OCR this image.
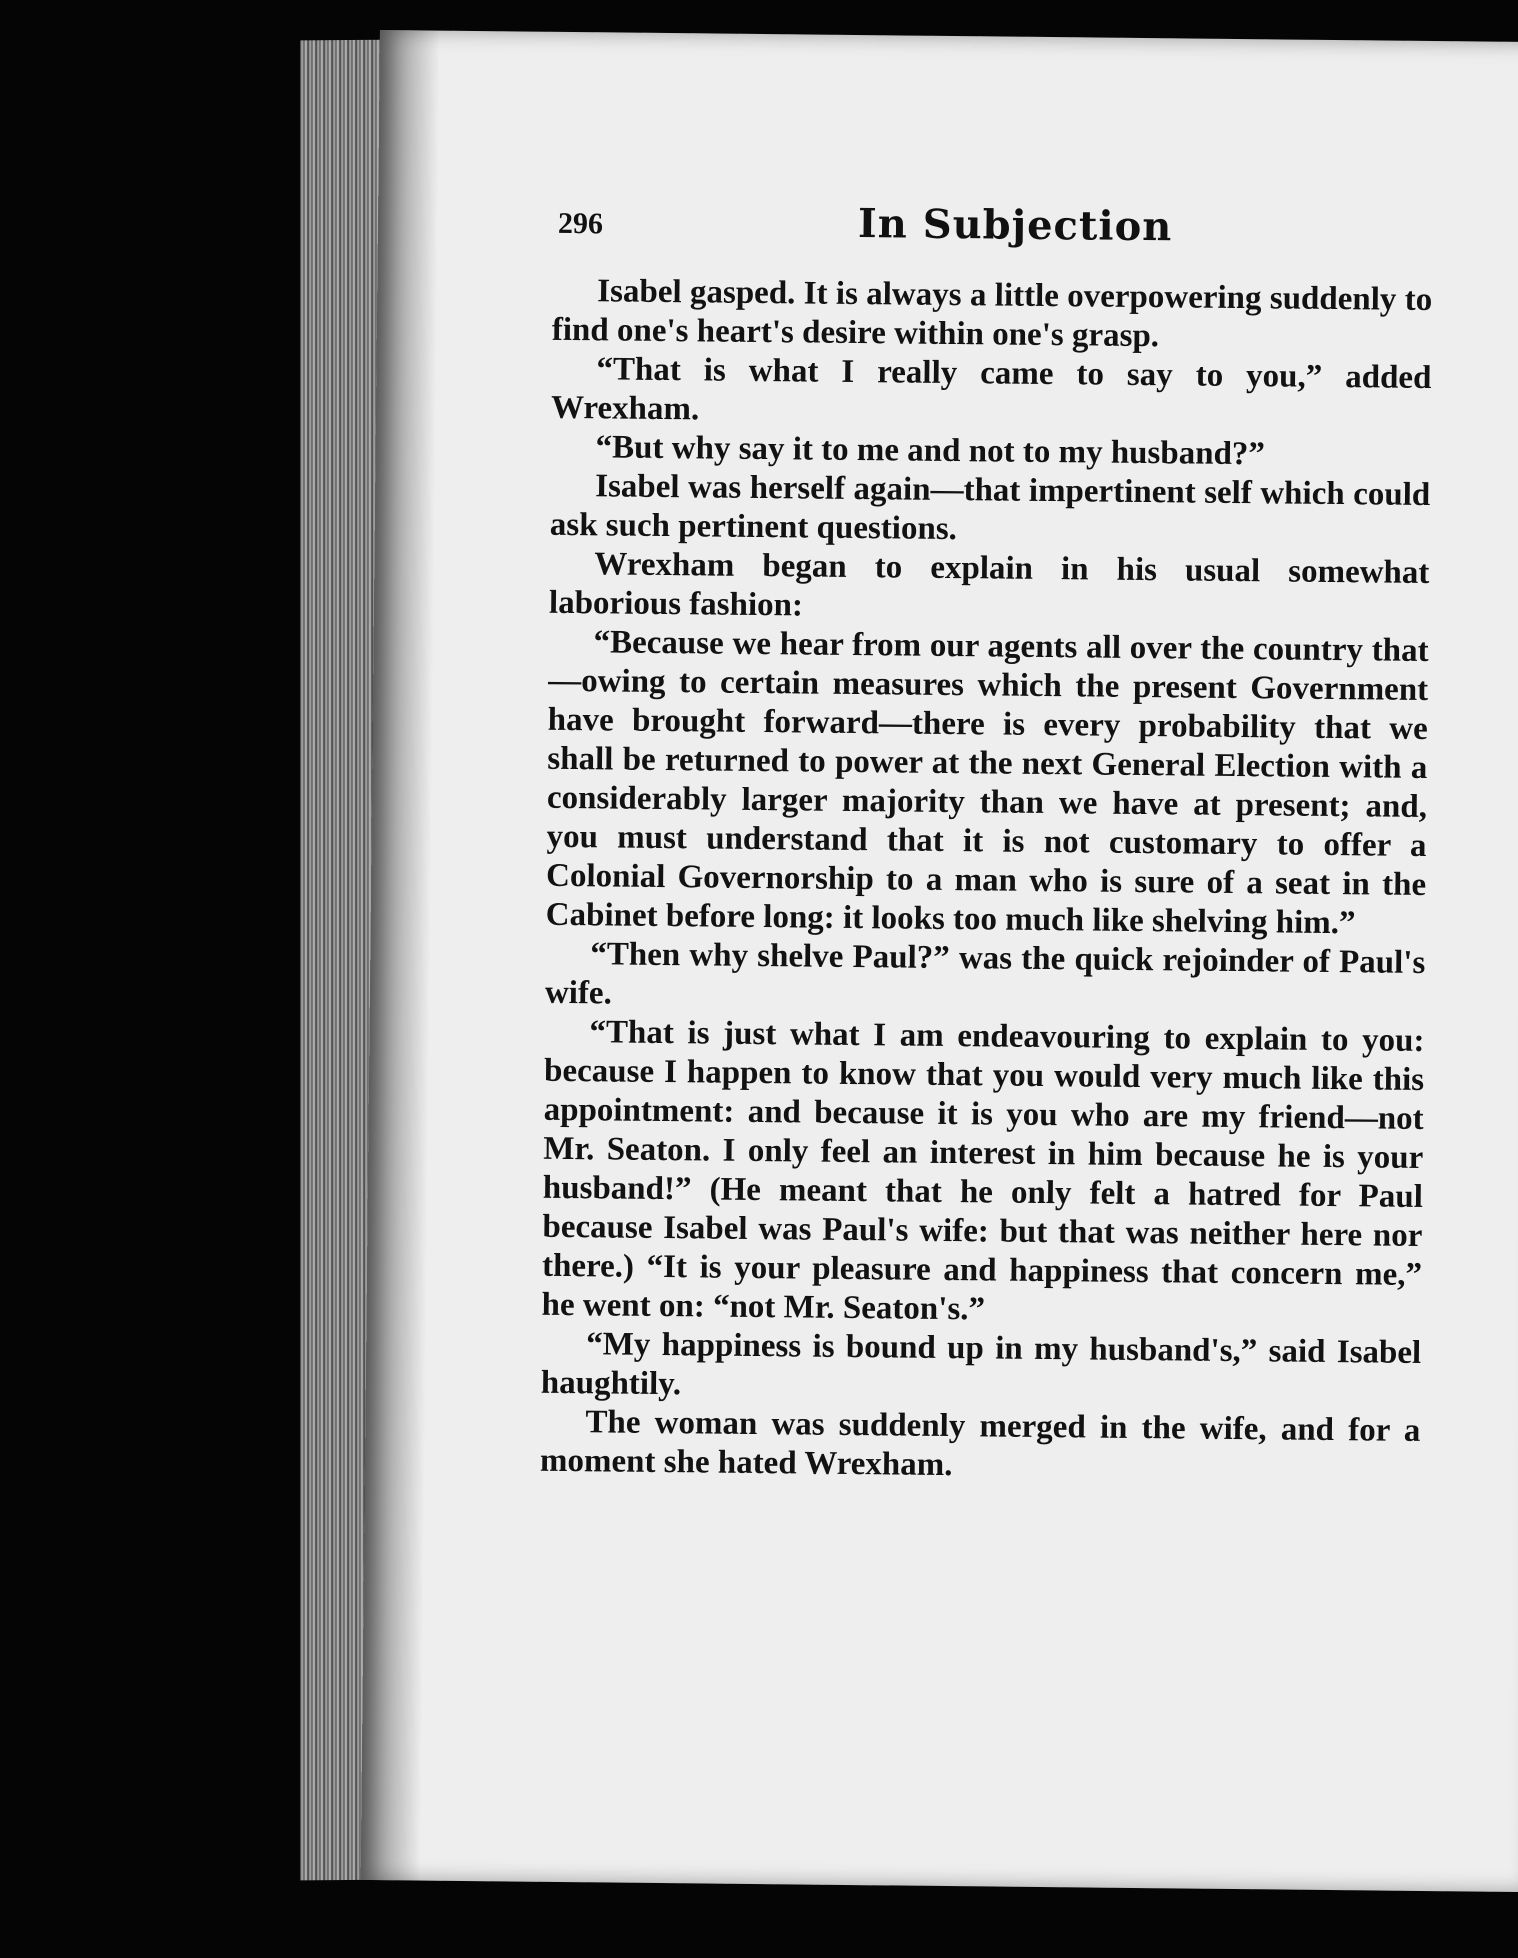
296	In Subjection

Isabel gasped. It is always a little overpowering suddenly to find one's heart's desire within one's grasp.

“That is what I really came to say to you,” added Wrexham.

“But why say it to me and not to my husband?”

Isabel was herself again—that impertinent self which could ask such pertinent questions.

Wrexham began to explain in his usual somewhat laborious fashion:

“Because we hear from our agents all over the country that—owing to certain measures which the present Government have brought forward—there is every probability that we shall be returned to power at the next General Election with a considerably larger majority than we have at present; and, you must understand that it is not customary to offer a Colonial Governorship to a man who is sure of a seat in the Cabinet before long: it looks too much like shelving him.”

“Then why shelve Paul?” was the quick rejoinder of Paul's wife.

“That is just what I am endeavouring to explain to you: because I happen to know that you would very much like this appointment: and because it is you who are my friend—not Mr. Seaton. I only feel an interest in him because he is your husband!” (He meant that he only felt a hatred for Paul because Isabel was Paul's wife: but that was neither here nor there.) “It is your pleasure and happiness that concern me,” he went on: “not Mr. Seaton's.”

“My happiness is bound up in my husband's,” said Isabel haughtily.

The woman was suddenly merged in the wife, and for a moment she hated Wrexham.
